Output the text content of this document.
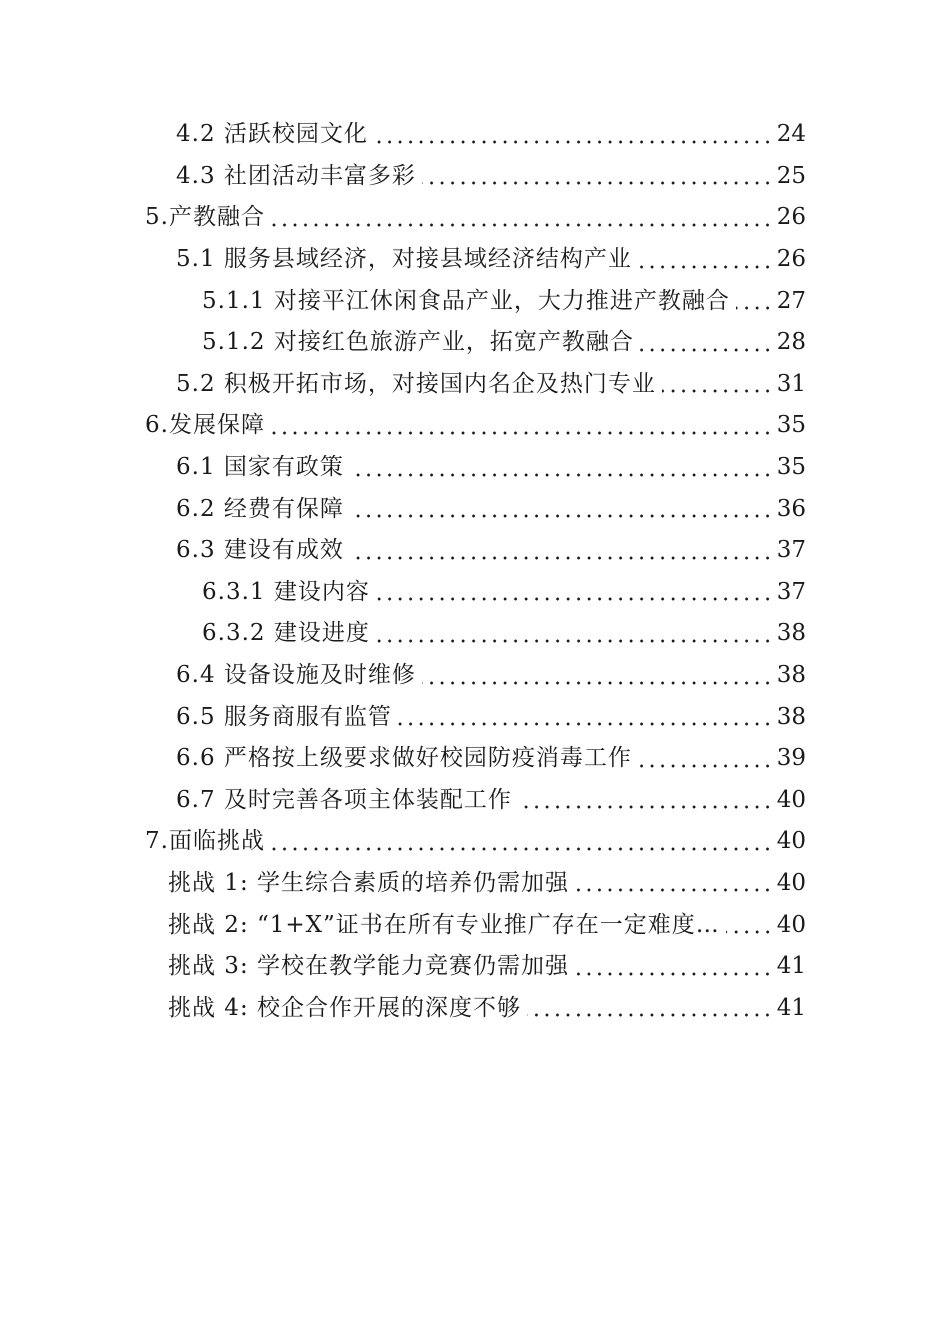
4.2 活跃校园文化	24
4.3 社团活动丰富多彩	25
5.产教融合	26
5.1 服务县域经济，对接县域经济结构产业	26
5.1.1 对接平江休闲食品产业，大力推进产教融合 27
5.1.2 对接红色旅游产业，拓宽产教融合	28
5.2 积极开拓市场，对接国内名企及热门专业	31
6.发展保障	35
6.1 国家有政策	35
6.2 经费有保障	36
6.3 建设有成效	37
6.3.1 建设内容	37
6.3.2 建设进度	38
6.4 设备设施及时维修	38
6.5 服务商服有监管	38
6.6 严格按上级要求做好校园防疫消毒工作	39
6.7 及时完善各项主体装配工作	40
7.面临挑战	40
挑战 1: 学生综合素质的培养仍需加强	40
挑战 2: “1+X”证书在所有专业推广存在一定难度… 40
挑战 3: 学校在教学能力竞赛仍需加强	41
挑战 4: 校企合作开展的深度不够	41
